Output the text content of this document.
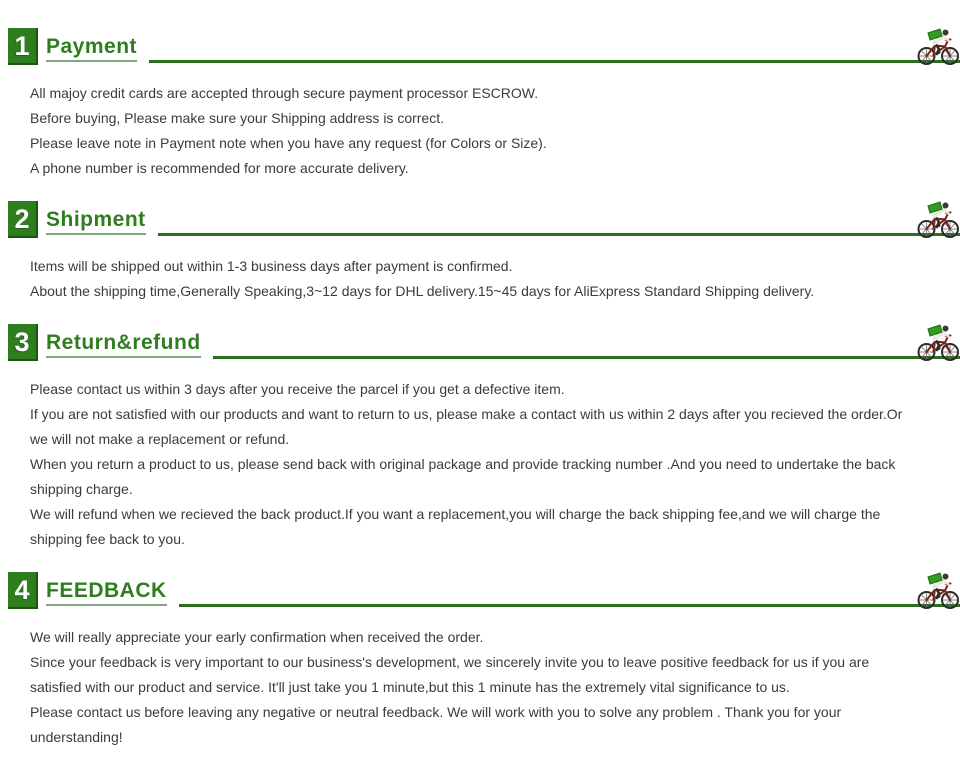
1 Payment

All majoy credit cards are accepted through secure payment processor ESCROW.

Before buying, Please make sure your Shipping address is correct.

Please leave note in Payment note when you have any request (for Colors or Size).

A phone number is recommended for more accurate delivery.

2 Shipment

Items will be shipped out within 1-3 business days after payment is confirmed.

About the shipping time,Generally Speaking,3~12 days for DHL delivery.15~45 days for AliExpress Standard Shipping delivery.

3 Return&refund

Please contact us within 3 days after you receive the parcel if you get a defective item.

If you are not satisfied with our products and want to return to us, please make a contact with us within 2 days after you recieved the order.Or we will not make a replacement or refund.

When you return a product to us, please send back with original package and provide tracking number .And you need to undertake the back shipping charge.

We will refund when we recieved the back product.If you want a replacement,you will charge the back shipping fee,and we will charge the shipping fee back to you.

4 FEEDBACK

We will really appreciate your early confirmation when received the order.

Since your feedback is very important to our business's development, we sincerely invite you to leave positive feedback for us if you are satisfied with our product and service. It'll just take you 1 minute,but this 1 minute has the extremely vital significance to us.

Please contact us before leaving any negative or neutral feedback. We will work with you to solve any problem . Thank you for your understanding!
